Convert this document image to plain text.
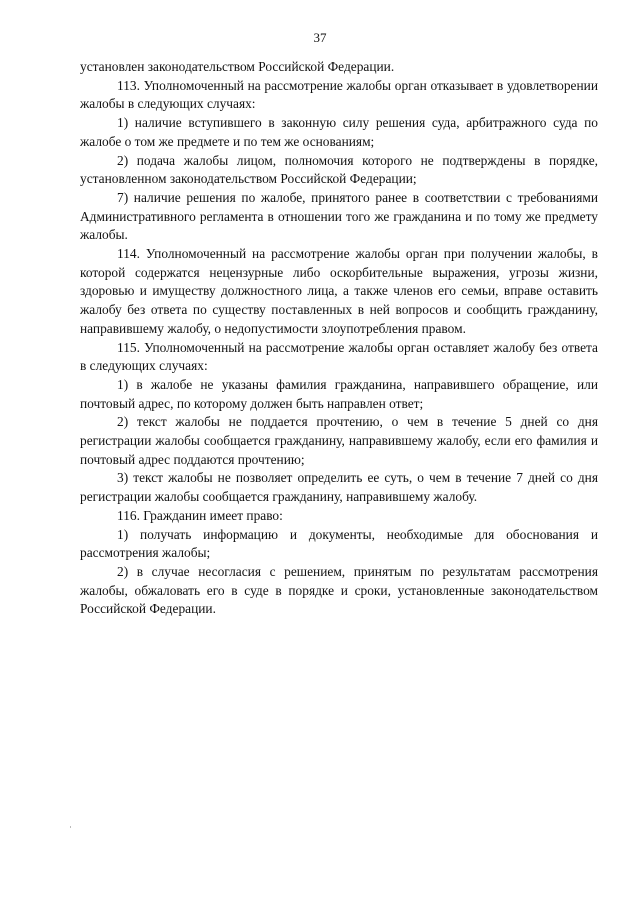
37

установлен законодательством Российской Федерации.

113. Уполномоченный на рассмотрение жалобы орган отказывает в удовлетворении жалобы в следующих случаях:

1) наличие вступившего в законную силу решения суда, арбитражного суда по жалобе о том же предмете и по тем же основаниям;

2) подача жалобы лицом, полномочия которого не подтверждены в порядке, установленном законодательством Российской Федерации;

7) наличие решения по жалобе, принятого ранее в соответствии с требованиями Административного регламента в отношении того же гражданина и по тому же предмету жалобы.

114. Уполномоченный на рассмотрение жалобы орган при получении жалобы, в которой содержатся нецензурные либо оскорбительные выражения, угрозы жизни, здоровью и имуществу должностного лица, а также членов его семьи, вправе оставить жалобу без ответа по существу поставленных в ней вопросов и сообщить гражданину, направившему жалобу, о недопустимости злоупотребления правом.

115. Уполномоченный на рассмотрение жалобы орган оставляет жалобу без ответа в следующих случаях:

1) в жалобе не указаны фамилия гражданина, направившего обращение, или почтовый адрес, по которому должен быть направлен ответ;

2) текст жалобы не поддается прочтению, о чем в течение 5 дней со дня регистрации жалобы сообщается гражданину, направившему жалобу, если его фамилия и почтовый адрес поддаются прочтению;

3) текст жалобы не позволяет определить ее суть, о чем в течение 7 дней со дня регистрации жалобы сообщается гражданину, направившему жалобу.

116. Гражданин имеет право:

1) получать информацию и документы, необходимые для обоснования и рассмотрения жалобы;

2) в случае несогласия с решением, принятым по результатам рассмотрения жалобы, обжаловать его в суде в порядке и сроки, установленные законодательством Российской Федерации.
